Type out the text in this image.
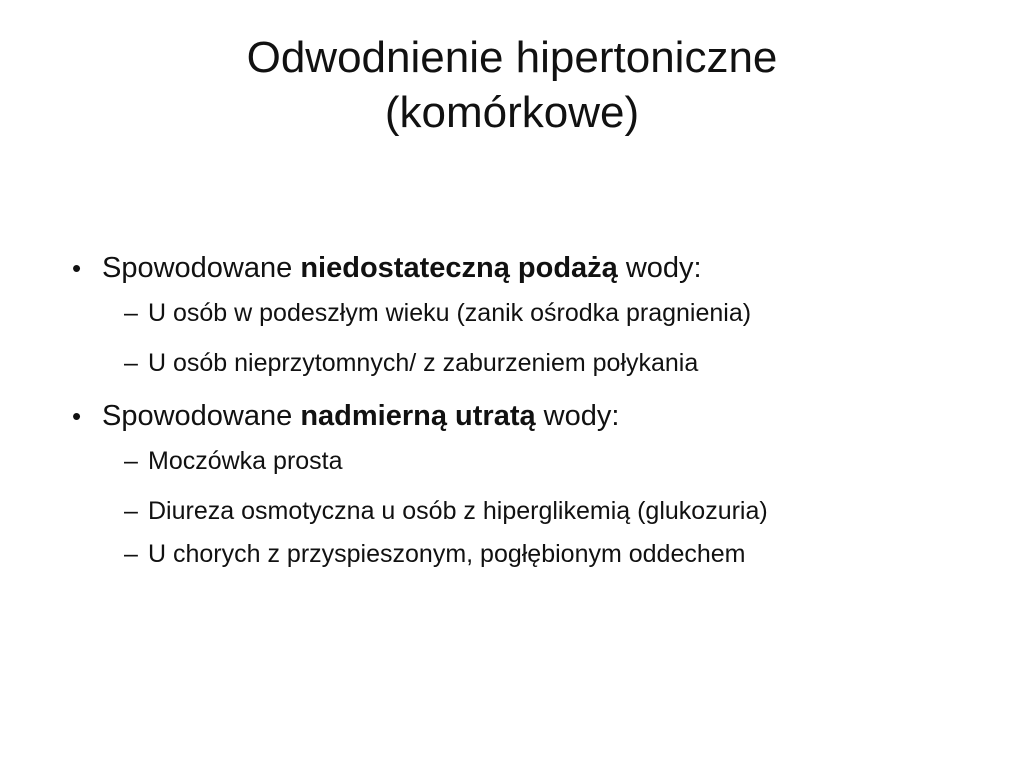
Odwodnienie hipertoniczne
(komórkowe)
• Spowodowane niedostateczną podażą wody:
– U osób w podeszłym wieku (zanik ośrodka pragnienia)
– U osób nieprzytomnych/ z zaburzeniem połykania
• Spowodowane nadmierną utratą wody:
– Moczówka prosta
– Diureza osmotyczna u osób z hiperglikemią (glukozuria)
– U chorych z przyspieszonym, pogłębionym oddechem
